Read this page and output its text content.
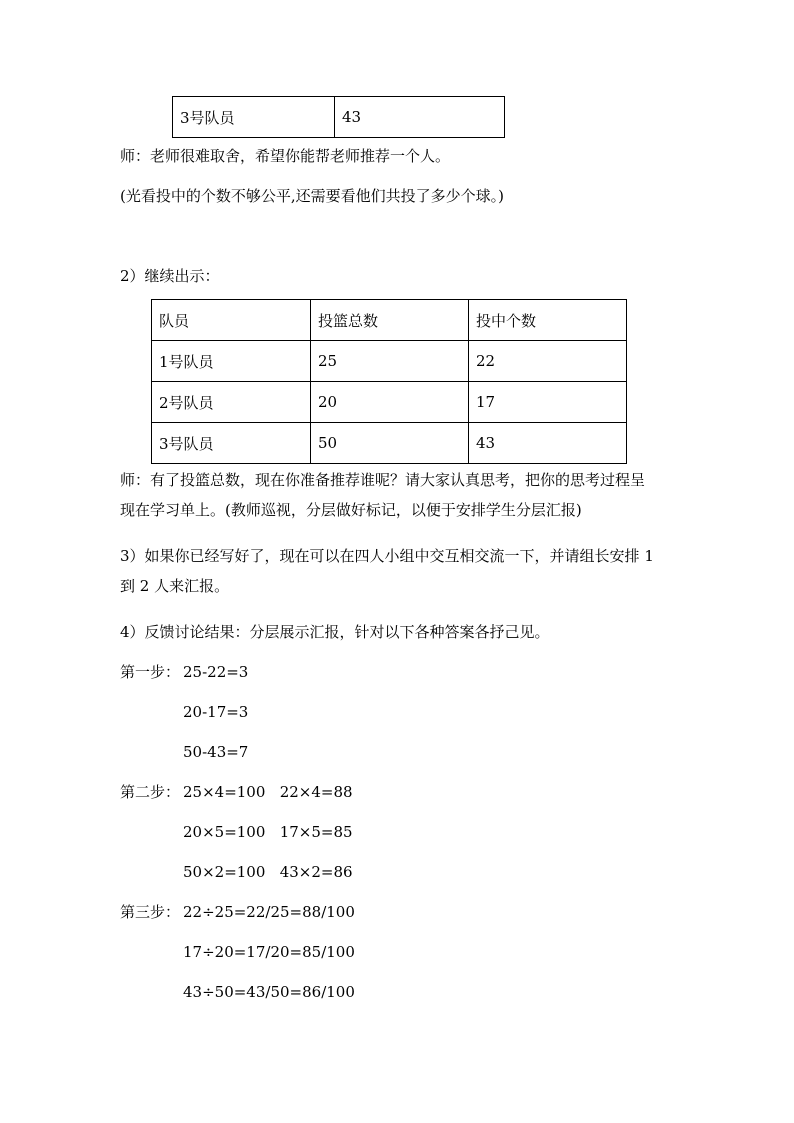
3号队员	43
师：老师很难取舍，希望你能帮老师推荐一个人。
(光看投中的个数不够公平,还需要看他们共投了多少个球。)
2）继续出示：
队员	投篮总数	投中个数
1号队员	25	22
2号队员	20	17
3号队员	50	43
师：有了投篮总数，现在你准备推荐谁呢？请大家认真思考，把你的思考过程呈
现在学习单上。(教师巡视，分层做好标记，以便于安排学生分层汇报)
3）如果你已经写好了，现在可以在四人小组中交互相交流一下，并请组长安排 1
到 2 人来汇报。
4）反馈讨论结果：分层展示汇报，针对以下各种答案各抒己见。
第一步： 25-22=3
20-17=3
50-43=7
第二步： 25×4=100   22×4=88
20×5=100   17×5=85
50×2=100   43×2=86
第三步： 22÷25=22/25=88/100
17÷20=17/20=85/100
43÷50=43/50=86/100
